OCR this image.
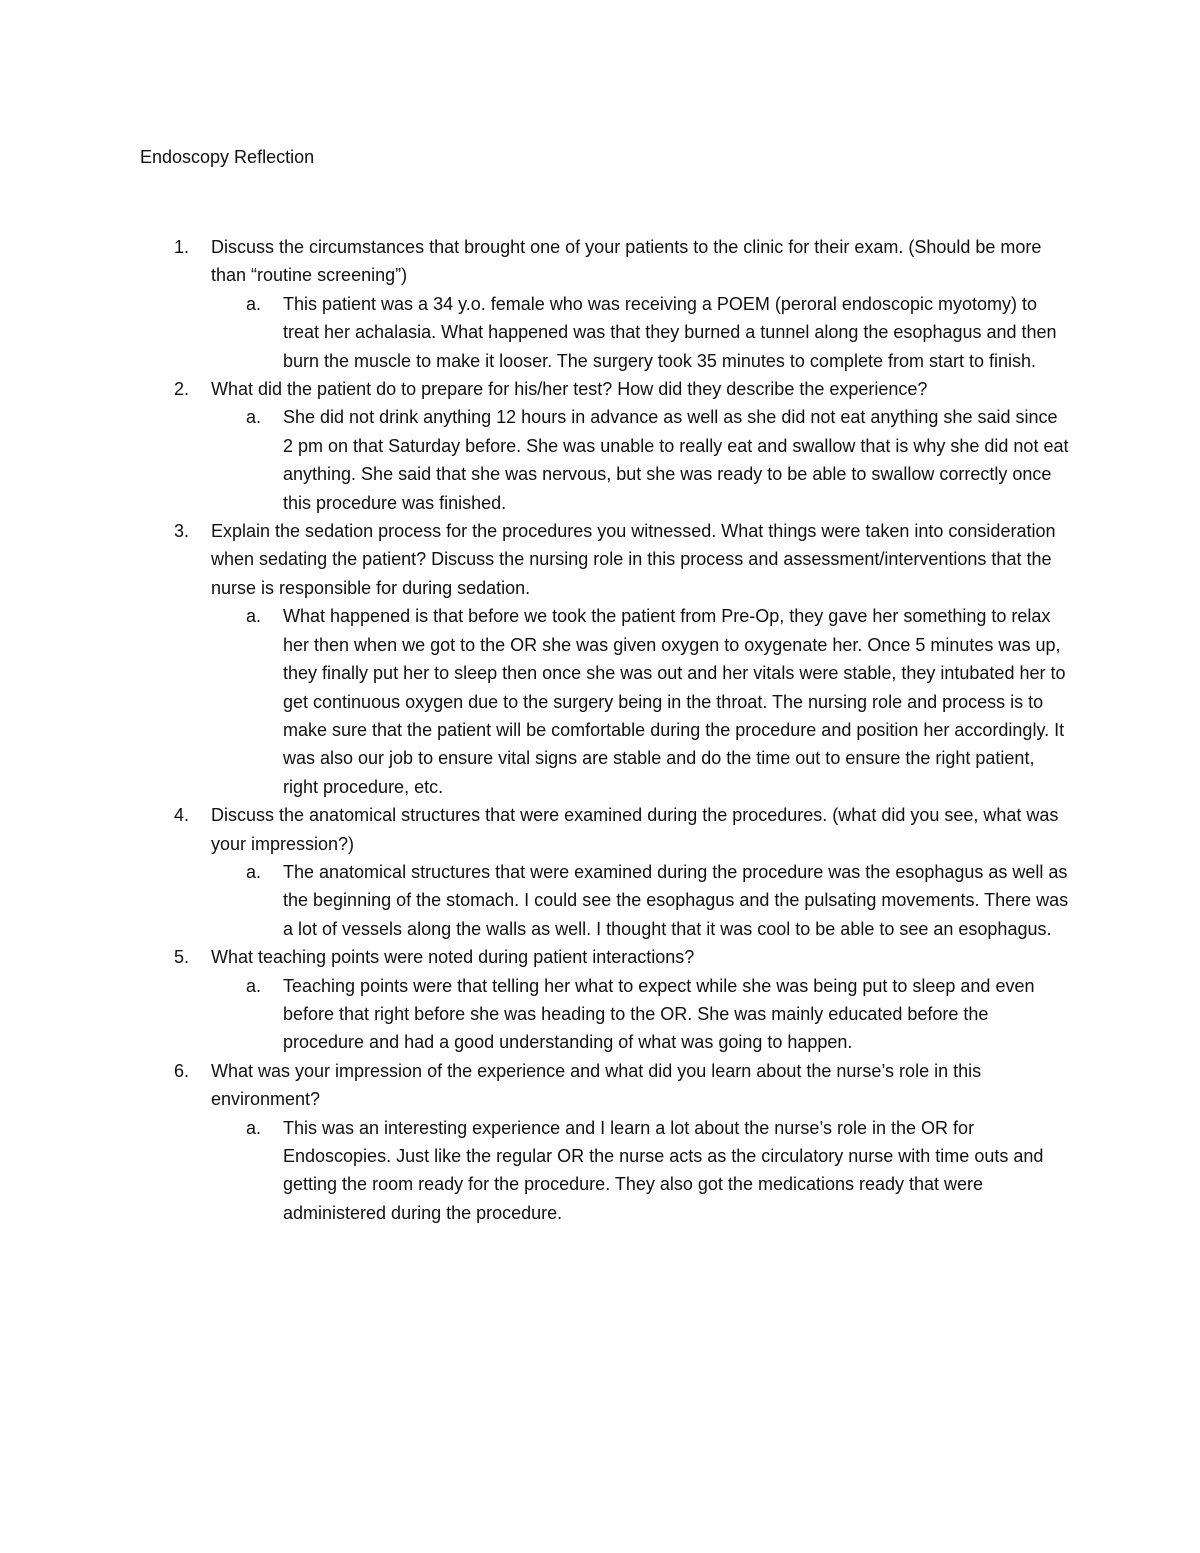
Endoscopy Reflection
1. Discuss the circumstances that brought one of your patients to the clinic for their exam. (Should be more than “routine screening”)
a. This patient was a 34 y.o. female who was receiving a POEM (peroral endoscopic myotomy) to treat her achalasia. What happened was that they burned a tunnel along the esophagus and then burn the muscle to make it looser. The surgery took 35 minutes to complete from start to finish.
2. What did the patient do to prepare for his/her test? How did they describe the experience?
a. She did not drink anything 12 hours in advance as well as she did not eat anything she said since 2 pm on that Saturday before. She was unable to really eat and swallow that is why she did not eat anything. She said that she was nervous, but she was ready to be able to swallow correctly once this procedure was finished.
3. Explain the sedation process for the procedures you witnessed. What things were taken into consideration when sedating the patient? Discuss the nursing role in this process and assessment/interventions that the nurse is responsible for during sedation.
a. What happened is that before we took the patient from Pre-Op, they gave her something to relax her then when we got to the OR she was given oxygen to oxygenate her. Once 5 minutes was up, they finally put her to sleep then once she was out and her vitals were stable, they intubated her to get continuous oxygen due to the surgery being in the throat. The nursing role and process is to make sure that the patient will be comfortable during the procedure and position her accordingly. It was also our job to ensure vital signs are stable and do the time out to ensure the right patient, right procedure, etc.
4. Discuss the anatomical structures that were examined during the procedures. (what did you see, what was your impression?)
a. The anatomical structures that were examined during the procedure was the esophagus as well as the beginning of the stomach. I could see the esophagus and the pulsating movements. There was a lot of vessels along the walls as well. I thought that it was cool to be able to see an esophagus.
5. What teaching points were noted during patient interactions?
a. Teaching points were that telling her what to expect while she was being put to sleep and even before that right before she was heading to the OR. She was mainly educated before the procedure and had a good understanding of what was going to happen.
6. What was your impression of the experience and what did you learn about the nurse’s role in this environment?
a. This was an interesting experience and I learn a lot about the nurse’s role in the OR for Endoscopies. Just like the regular OR the nurse acts as the circulatory nurse with time outs and getting the room ready for the procedure. They also got the medications ready that were administered during the procedure.
